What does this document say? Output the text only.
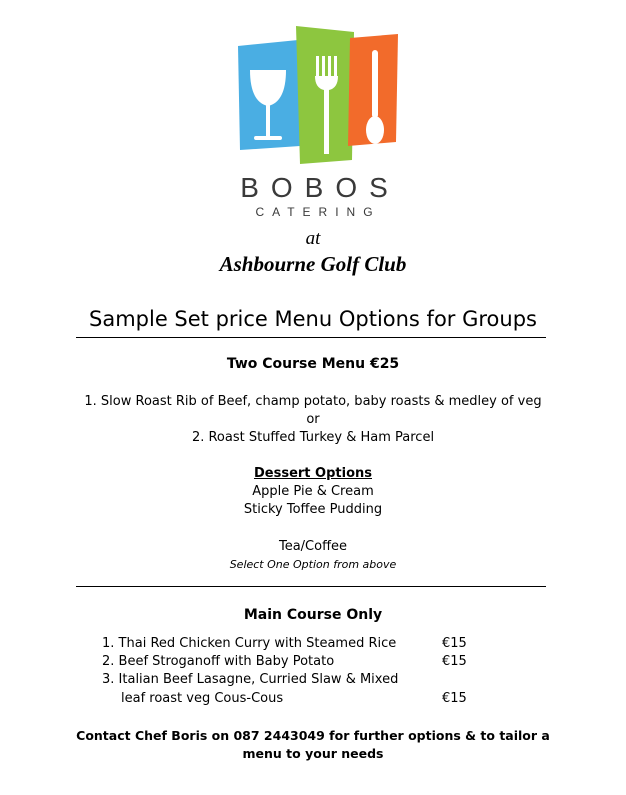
BOBOS
CATERING
at
Ashbourne Golf Club
Sample Set price Menu Options for Groups
Two Course Menu €25
1. Slow Roast Rib of Beef, champ potato, baby roasts & medley of veg
or
2. Roast Stuffed Turkey & Ham Parcel
Dessert Options
Apple Pie & Cream
Sticky Toffee Pudding
Tea/Coffee
Select One Option from above
Main Course Only
1. Thai Red Chicken Curry with Steamed Rice	€15
2. Beef Stroganoff with Baby Potato	€15
3. Italian Beef Lasagne, Curried Slaw & Mixed
leaf roast veg Cous-Cous	€15
Contact Chef Boris on 087 2443049 for further options & to tailor a
menu to your needs
